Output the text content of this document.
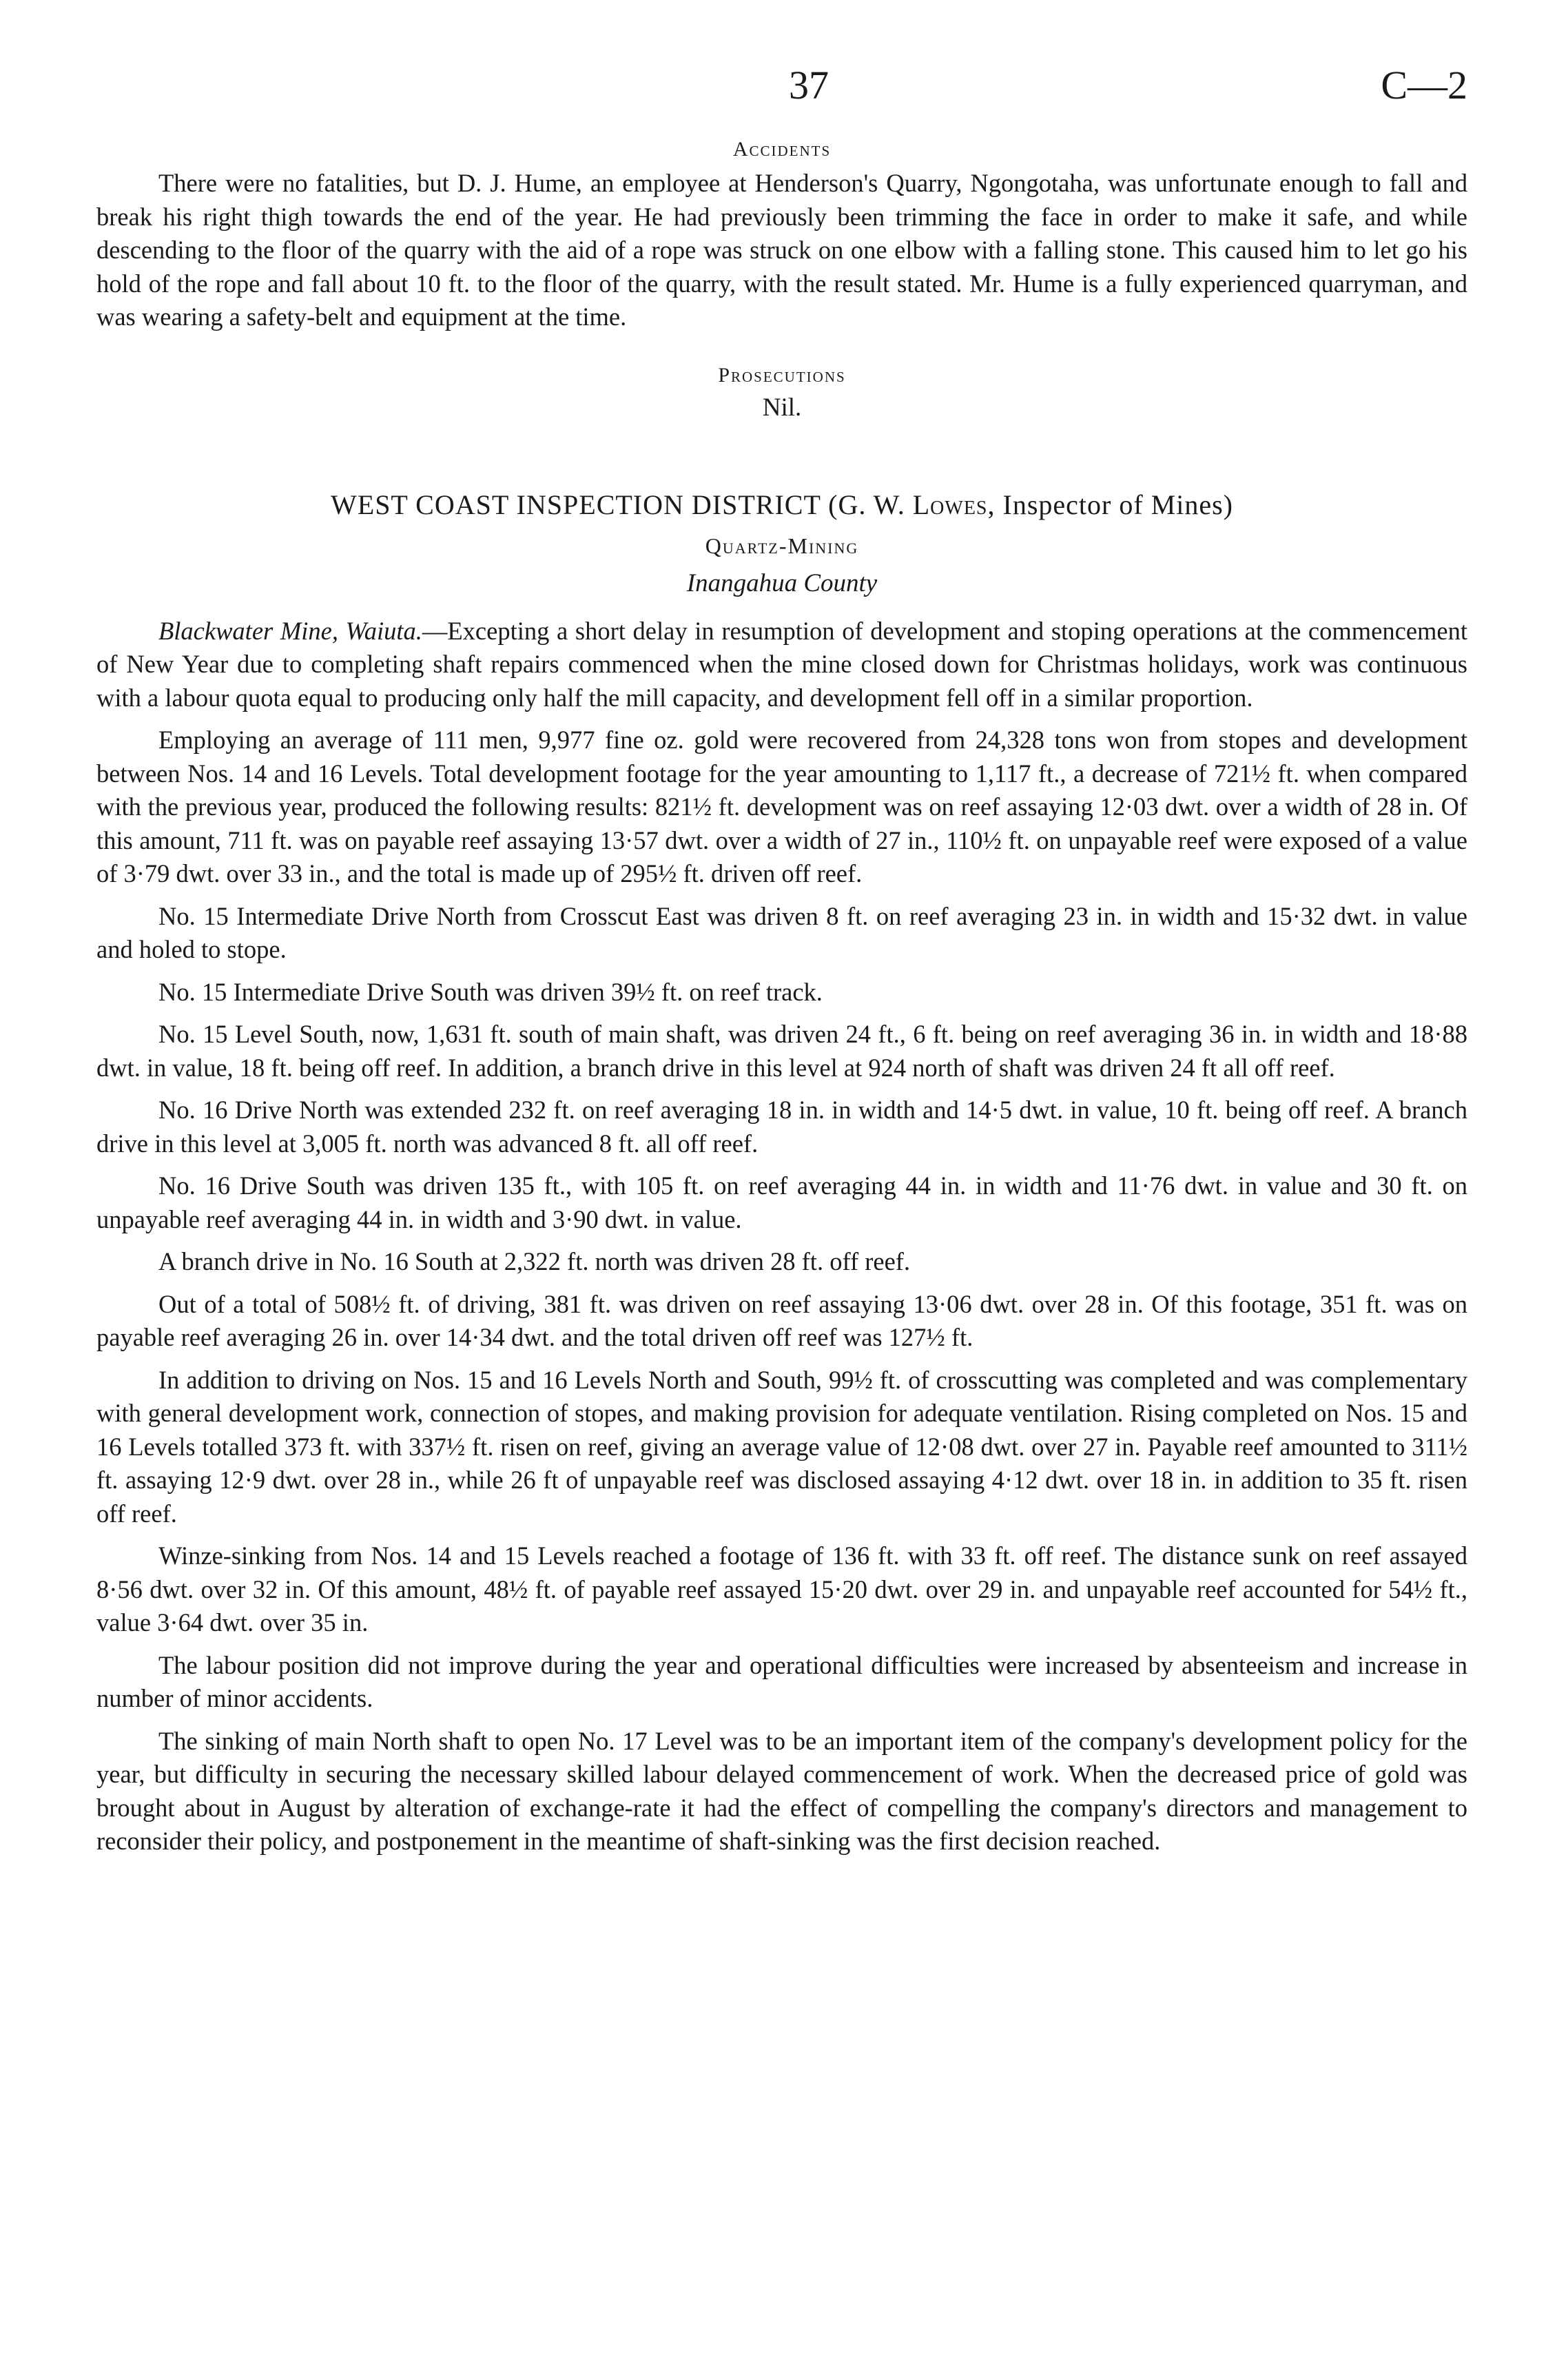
37	C—2
Accidents

There were no fatalities, but D. J. Hume, an employee at Henderson's Quarry, Ngongotaha, was unfortunate enough to fall and break his right thigh towards the end of the year. He had previously been trimming the face in order to make it safe, and while descending to the floor of the quarry with the aid of a rope was struck on one elbow with a falling stone. This caused him to let go his hold of the rope and fall about 10 ft. to the floor of the quarry, with the result stated. Mr. Hume is a fully experienced quarryman, and was wearing a safety-belt and equipment at the time.

Prosecutions
Nil.
WEST COAST INSPECTION DISTRICT (G. W. Lowes, Inspector of Mines)
Quartz-Mining
Inangahua County

Blackwater Mine, Waiuta.—Excepting a short delay in resumption of development and stoping operations at the commencement of New Year due to completing shaft repairs commenced when the mine closed down for Christmas holidays, work was continuous with a labour quota equal to producing only half the mill capacity, and development fell off in a similar proportion.

Employing an average of 111 men, 9,977 fine oz. gold were recovered from 24,328 tons won from stopes and development between Nos. 14 and 16 Levels. Total development footage for the year amounting to 1,117 ft., a decrease of 721½ ft. when compared with the previous year, produced the following results: 821½ ft. development was on reef assaying 12·03 dwt. over a width of 28 in. Of this amount, 711 ft. was on payable reef assaying 13·57 dwt. over a width of 27 in., 110½ ft. on unpayable reef were exposed of a value of 3·79 dwt. over 33 in., and the total is made up of 295½ ft. driven off reef.

No. 15 Intermediate Drive North from Crosscut East was driven 8 ft. on reef averaging 23 in. in width and 15·32 dwt. in value and holed to stope.

No. 15 Intermediate Drive South was driven 39½ ft. on reef track.

No. 15 Level South, now, 1,631 ft. south of main shaft, was driven 24 ft., 6 ft. being on reef averaging 36 in. in width and 18·88 dwt. in value, 18 ft. being off reef. In addition, a branch drive in this level at 924 north of shaft was driven 24 ft all off reef.

No. 16 Drive North was extended 232 ft. on reef averaging 18 in. in width and 14·5 dwt. in value, 10 ft. being off reef. A branch drive in this level at 3,005 ft. north was advanced 8 ft. all off reef.

No. 16 Drive South was driven 135 ft., with 105 ft. on reef averaging 44 in. in width and 11·76 dwt. in value and 30 ft. on unpayable reef averaging 44 in. in width and 3·90 dwt. in value.

A branch drive in No. 16 South at 2,322 ft. north was driven 28 ft. off reef.

Out of a total of 508½ ft. of driving, 381 ft. was driven on reef assaying 13·06 dwt. over 28 in. Of this footage, 351 ft. was on payable reef averaging 26 in. over 14·34 dwt. and the total driven off reef was 127½ ft.

In addition to driving on Nos. 15 and 16 Levels North and South, 99½ ft. of crosscutting was completed and was complementary with general development work, connection of stopes, and making provision for adequate ventilation. Rising completed on Nos. 15 and 16 Levels totalled 373 ft. with 337½ ft. risen on reef, giving an average value of 12·08 dwt. over 27 in. Payable reef amounted to 311½ ft. assaying 12·9 dwt. over 28 in., while 26 ft of unpayable reef was disclosed assaying 4·12 dwt. over 18 in. in addition to 35 ft. risen off reef.

Winze-sinking from Nos. 14 and 15 Levels reached a footage of 136 ft. with 33 ft. off reef. The distance sunk on reef assayed 8·56 dwt. over 32 in. Of this amount, 48½ ft. of payable reef assayed 15·20 dwt. over 29 in. and unpayable reef accounted for 54½ ft., value 3·64 dwt. over 35 in.

The labour position did not improve during the year and operational difficulties were increased by absenteeism and increase in number of minor accidents.

The sinking of main North shaft to open No. 17 Level was to be an important item of the company's development policy for the year, but difficulty in securing the necessary skilled labour delayed commencement of work. When the decreased price of gold was brought about in August by alteration of exchange-rate it had the effect of compelling the company's directors and management to reconsider their policy, and postponement in the meantime of shaft-sinking was the first decision reached.
